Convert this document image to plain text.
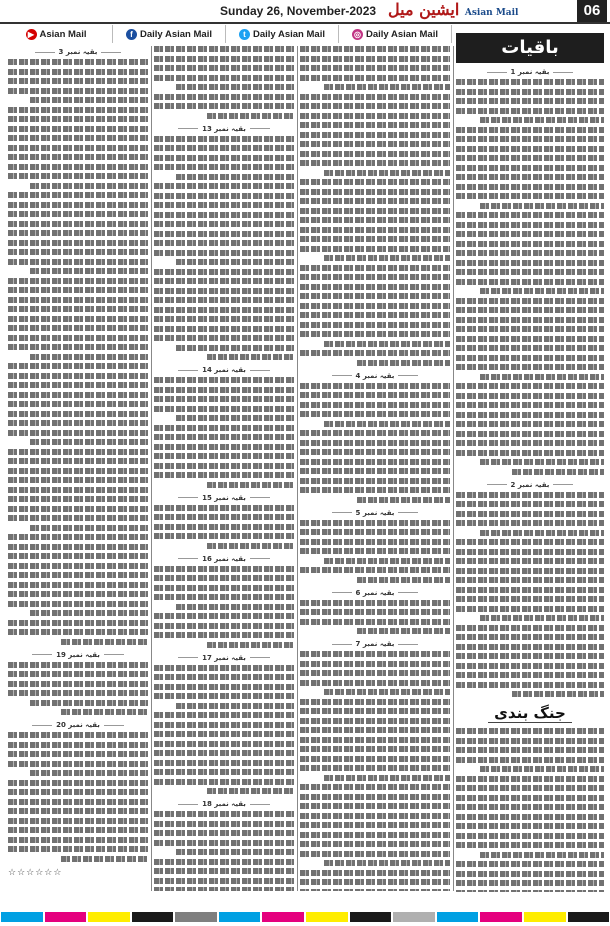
Sunday 26, November-2023 ایشین میل Asian Mail	06
▶ Asian Mail	f Daily Asian Mail	t Daily Asian Mail	◎ Daily Asian Mail
باقیات
بقیہ نمبر 1
بقیہ نمبر 2
جنگ بندی
بقیہ نمبر 4
بقیہ نمبر 5
بقیہ نمبر 6
بقیہ نمبر 7
بقیہ نمبر 13
بقیہ نمبر 14
بقیہ نمبر 15
بقیہ نمبر 16
بقیہ نمبر 17
بقیہ نمبر 18
بقیہ نمبر 3
بقیہ نمبر 19
بقیہ نمبر 20
☆☆☆☆☆☆
